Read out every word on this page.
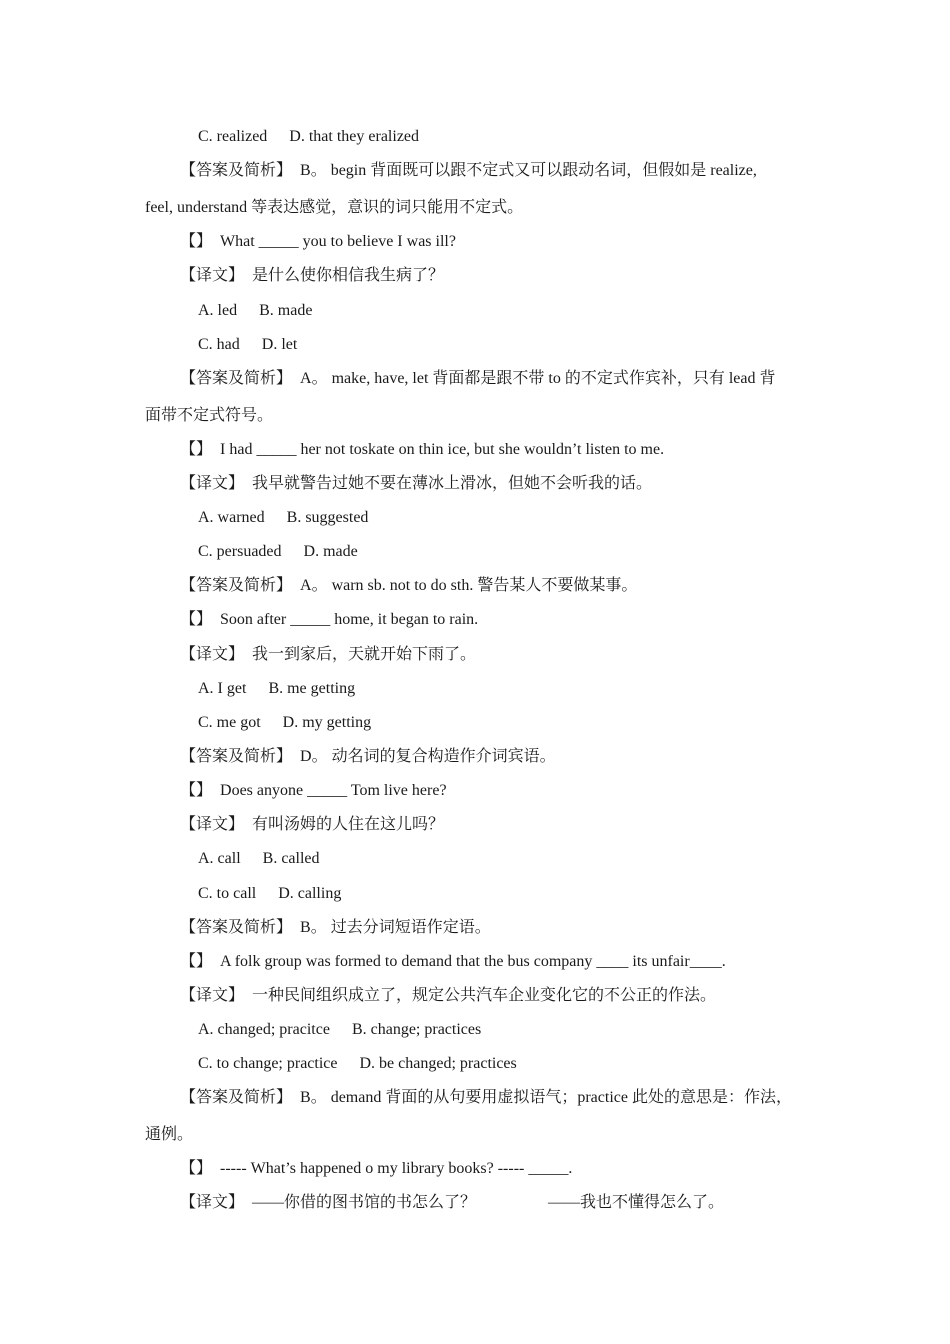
C. realized D. that they eralized
【答案及简析】 B。 begin 背面既可以跟不定式又可以跟动名词，但假如是 realize,
feel, understand 等表达感觉，意识的词只能用不定式。
【】 What _____ you to believe I was ill?
【译文】 是什么使你相信我生病了？
A. led B. made
C. had D. let
【答案及简析】 A。 make, have, let 背面都是跟不带 to 的不定式作宾补，只有 lead 背
面带不定式符号。
【】 I had _____ her not toskate on thin ice, but she wouldn’t listen to me.
【译文】 我早就警告过她不要在薄冰上滑冰，但她不会听我的话。
A. warned B. suggested
C. persuaded D. made
【答案及简析】 A。 warn sb. not to do sth. 警告某人不要做某事。
【】 Soon after _____ home, it began to rain.
【译文】 我一到家后，天就开始下雨了。
A. I get B. me getting
C. me got D. my getting
【答案及简析】 D。 动名词的复合构造作介词宾语。
【】 Does anyone _____ Tom live here?
【译文】 有叫汤姆的人住在这儿吗？
A. call B. called
C. to call D. calling
【答案及简析】 B。 过去分词短语作定语。
【】 A folk group was formed to demand that the bus company ____ its unfair____.
【译文】 一种民间组织成立了，规定公共汽车企业变化它的不公正的作法。
A. changed; pracitce B. change; practices
C. to change; practice D. be changed; practices
【答案及简析】 B。 demand 背面的从句要用虚拟语气；practice 此处的意思是：作法，
通例。
【】 ----- What’s happened o my library books? ----- _____.
【译文】 ——你借的图书馆的书怎么了？	——我也不懂得怎么了。
